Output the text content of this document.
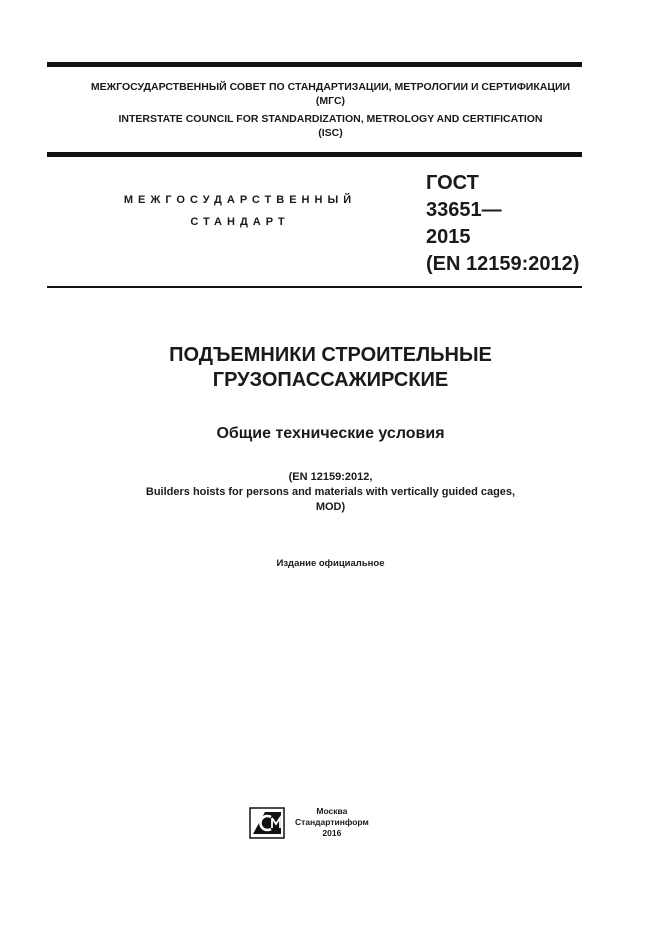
МЕЖГОСУДАРСТВЕННЫЙ СОВЕТ ПО СТАНДАРТИЗАЦИИ, МЕТРОЛОГИИ И СЕРТИФИКАЦИИ
(МГС)
INTERSTATE COUNCIL FOR STANDARDIZATION, METROLOGY AND CERTIFICATION
(ISC)
МЕЖГОСУДАРСТВЕННЫЙ
СТАНДАРТ
ГОСТ
33651—
2015
(EN 12159:2012)
ПОДЪЕМНИКИ СТРОИТЕЛЬНЫЕ
ГРУЗОПАССАЖИРСКИЕ
Общие технические условия
(EN 12159:2012,
Builders hoists for persons and materials with vertically guided cages,
MOD)
Издание официальное
Москва
Стандартинформ
2016
